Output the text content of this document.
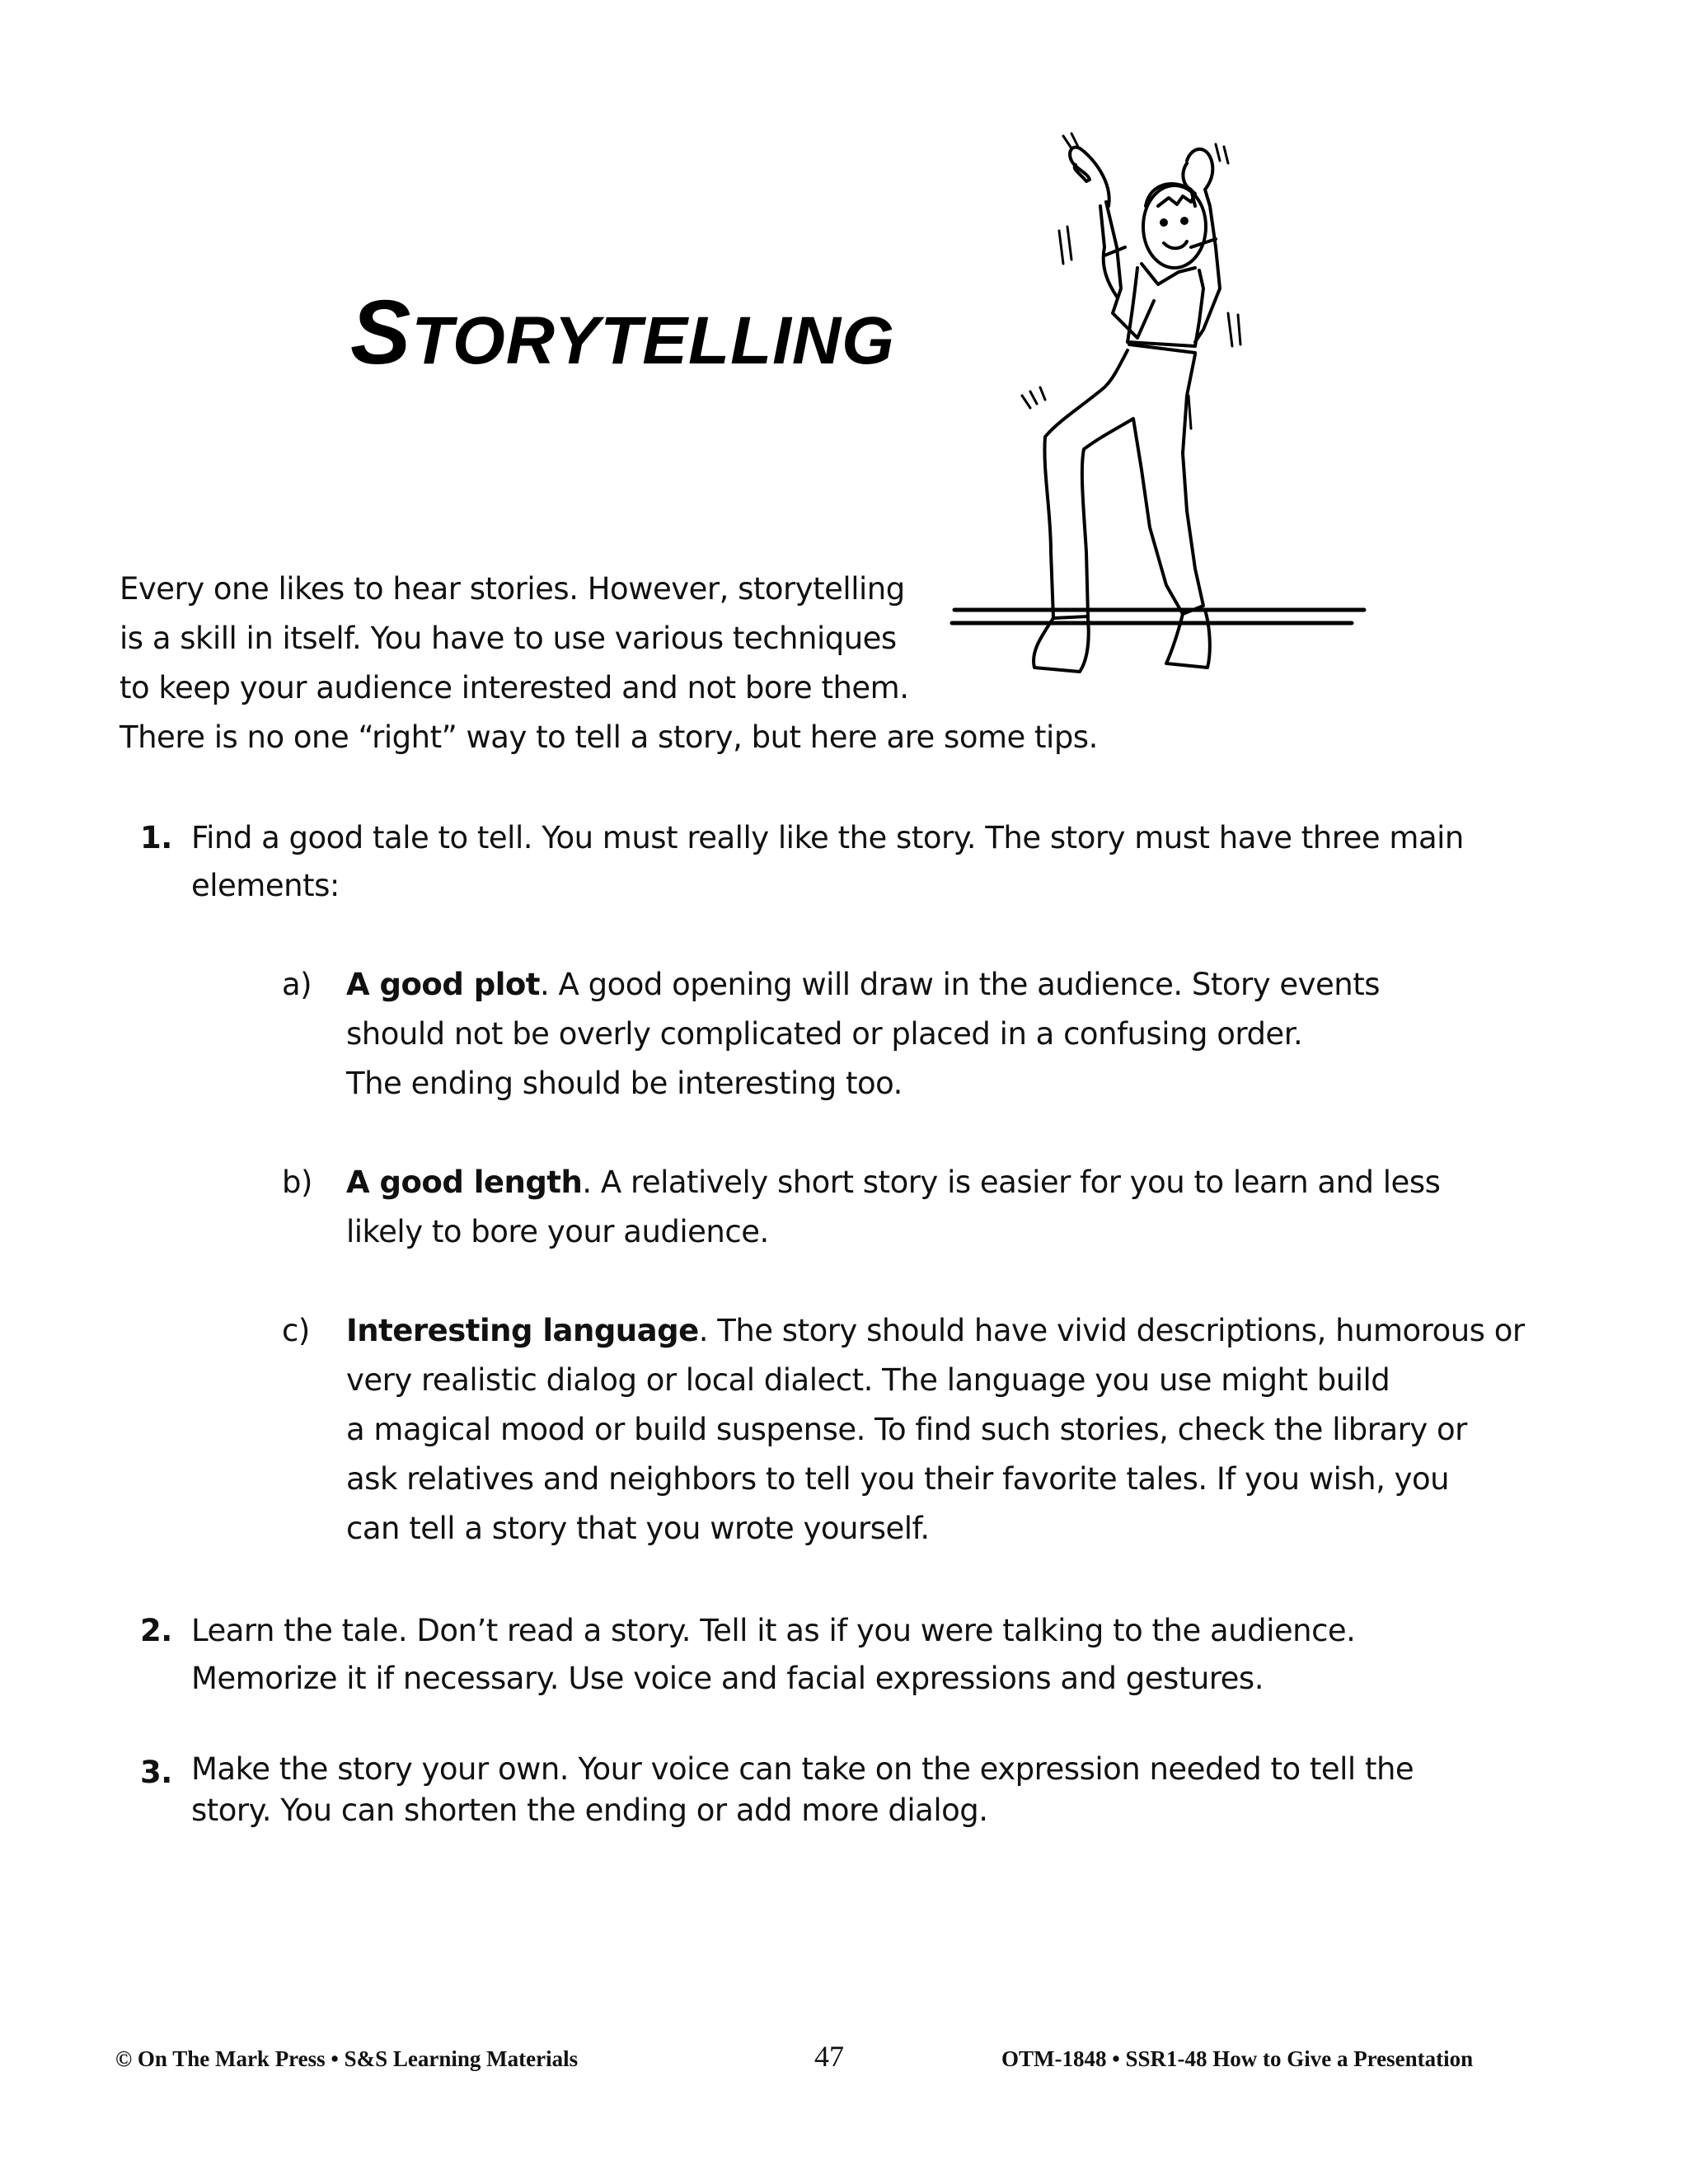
STORYTELLING
Every one likes to hear stories. However, storytelling
is a skill in itself. You have to use various techniques
to keep your audience interested and not bore them.
There is no one “right” way to tell a story, but here are some tips.
1. Find a good tale to tell. You must really like the story. The story must have three main
elements:
a) A good plot. A good opening will draw in the audience. Story events
should not be overly complicated or placed in a confusing order.
The ending should be interesting too.
b) A good length. A relatively short story is easier for you to learn and less
likely to bore your audience.
c) Interesting language. The story should have vivid descriptions, humorous or
very realistic dialog or local dialect. The language you use might build
a magical mood or build suspense. To find such stories, check the library or
ask relatives and neighbors to tell you their favorite tales. If you wish, you
can tell a story that you wrote yourself.
2. Learn the tale. Don’t read a story. Tell it as if you were talking to the audience.
Memorize it if necessary. Use voice and facial expressions and gestures.
3. Make the story your own. Your voice can take on the expression needed to tell the
story. You can shorten the ending or add more dialog.
© On The Mark Press • S&S Learning Materials	47	OTM-1848 • SSR1-48 How to Give a Presentation
